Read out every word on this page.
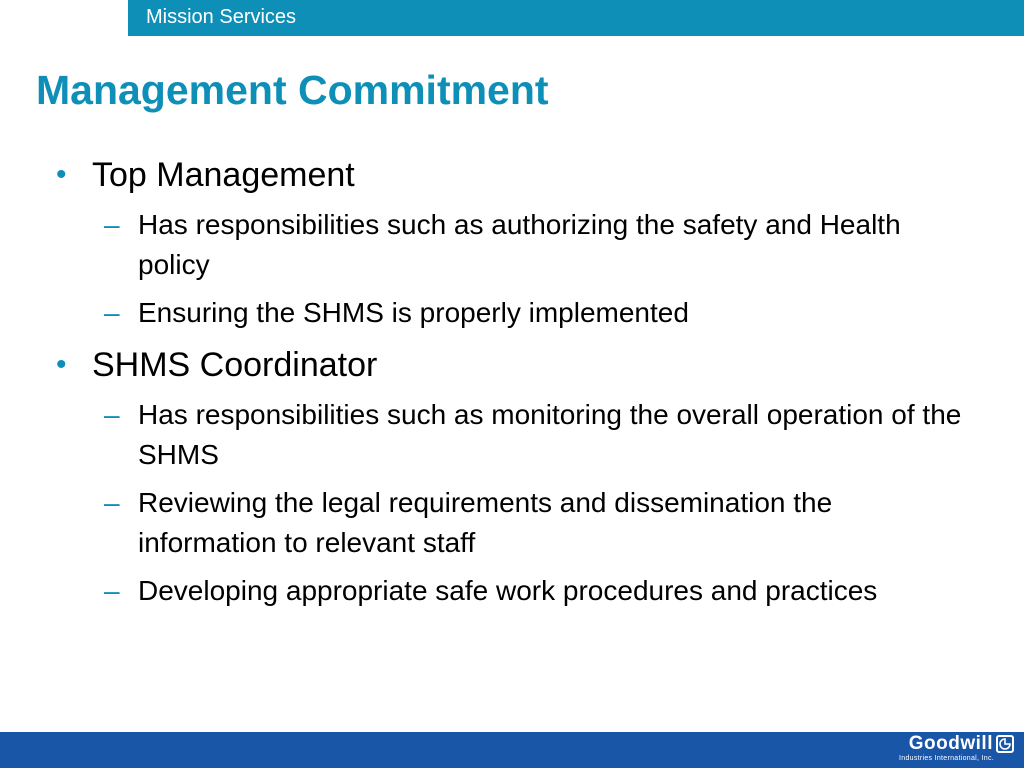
Mission Services
Management Commitment
• Top Management
– Has responsibilities such as authorizing the safety and Health policy
– Ensuring the SHMS is properly implemented
• SHMS Coordinator
– Has responsibilities such as monitoring the overall operation of the SHMS
– Reviewing the legal requirements and dissemination the information to relevant staff
– Developing appropriate safe work procedures and practices
Goodwill
Industries International, Inc.
